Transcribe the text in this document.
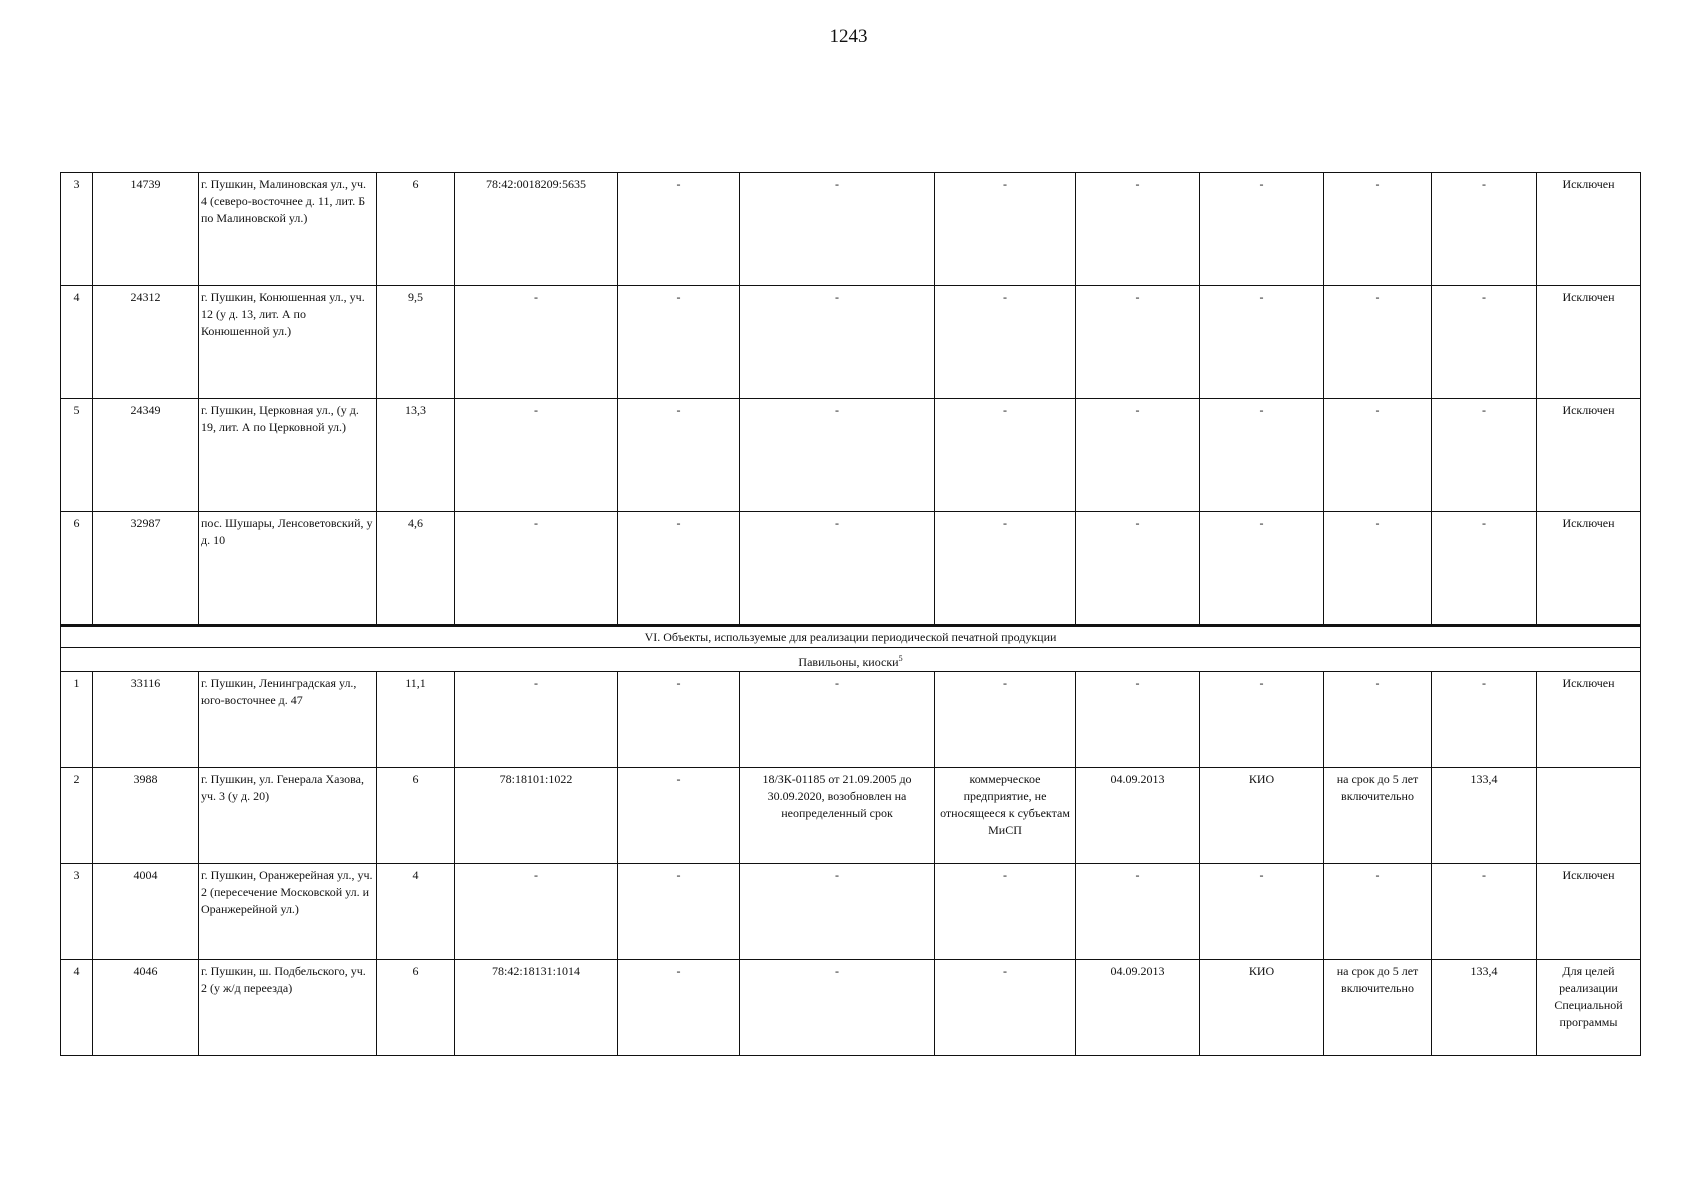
1243
3	14739	г. Пушкин, Малиновская ул., уч. 4 (северо-восточнее д. 11, лит. Б по Малиновской ул.)	6	78:42:0018209:5635	-	-	-	-	-	-	-	Исключен
4	24312	г. Пушкин, Конюшенная ул., уч. 12 (у д. 13, лит. А по Конюшенной ул.)	9,5	-	-	-	-	-	-	-	-	Исключен
5	24349	г. Пушкин, Церковная ул., (у д. 19, лит. А по Церковной ул.)	13,3	-	-	-	-	-	-	-	-	Исключен
6	32987	пос. Шушары, Ленсоветовский, у д. 10	4,6	-	-	-	-	-	-	-	-	Исключен
VI. Объекты, используемые для реализации периодической печатной продукции												
Павильоны, киоски$^5$
1	33116	г. Пушкин, Ленинградская ул., юго-восточнее д. 47	11,1	-	-	-	-	-	-	-	-	Исключен
2	3988	г. Пушкин, ул. Генерала Хазова, уч. 3 (у д. 20)	6	78:18101:1022	-	18/ЗК-01185 от 21.09.2005 до 30.09.2020, возобновлен на неопределенный срок	коммерческое предприятие, не относящееся к субъектам МиСП	04.09.2013	КИО	на срок до 5 лет включительно	133,4	
3	4004	г. Пушкин, Оранжерейная ул., уч. 2 (пересечение Московской ул. и Оранжерейной ул.)	4	-	-	-	-	-	-	-	-	Исключен
4	4046	г. Пушкин, ш. Подбельского, уч. 2 (у ж/д переезда)	6	78:42:18131:1014	-	-	-	04.09.2013	КИО	на срок до 5 лет включительно	133,4	Для целей реализации Специальной программы
